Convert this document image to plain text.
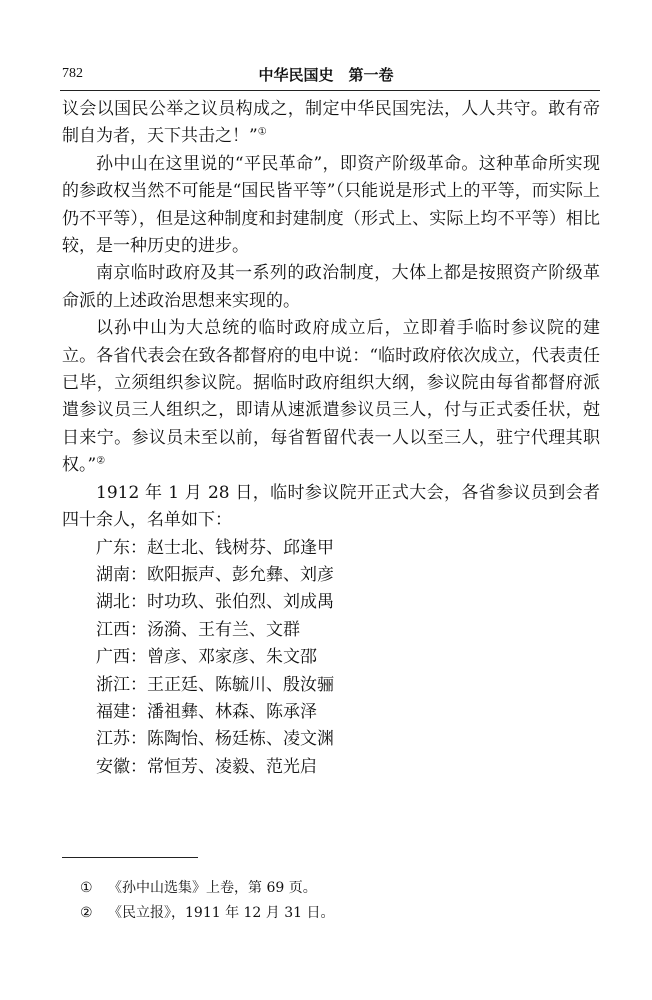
782	中华民国史　第一卷

议会以国民公举之议员构成之，制定中华民国宪法，人人共守。敢有帝制自为者，天下共击之！”①

孙中山在这里说的“平民革命”，即资产阶级革命。这种革命所实现的参政权当然不可能是“国民皆平等”（只能说是形式上的平等，而实际上仍不平等），但是这种制度和封建制度（形式上、实际上均不平等）相比较，是一种历史的进步。

南京临时政府及其一系列的政治制度，大体上都是按照资产阶级革命派的上述政治思想来实现的。

以孙中山为大总统的临时政府成立后，立即着手临时参议院的建立。各省代表会在致各都督府的电中说：“临时政府依次成立，代表责任已毕，立须组织参议院。据临时政府组织大纲，参议院由每省都督府派遣参议员三人组织之，即请从速派遣参议员三人，付与正式委任状，尅日来宁。参议员未至以前，每省暂留代表一人以至三人，驻宁代理其职权。”②

1912 年 1 月 28 日，临时参议院开正式大会，各省参议员到会者四十余人，名单如下：

广东：赵士北、钱树芬、邱逢甲
湖南：欧阳振声、彭允彝、刘彦
湖北：时功玖、张伯烈、刘成禺
江西：汤漪、王有兰、文群
广西：曾彦、邓家彦、朱文邵
浙江：王正廷、陈毓川、殷汝骊
福建：潘祖彝、林森、陈承泽
江苏：陈陶怡、杨廷栋、凌文渊
安徽：常恒芳、凌毅、范光启
① 《孙中山选集》上卷，第 69 页。
② 《民立报》，1911 年 12 月 31 日。
